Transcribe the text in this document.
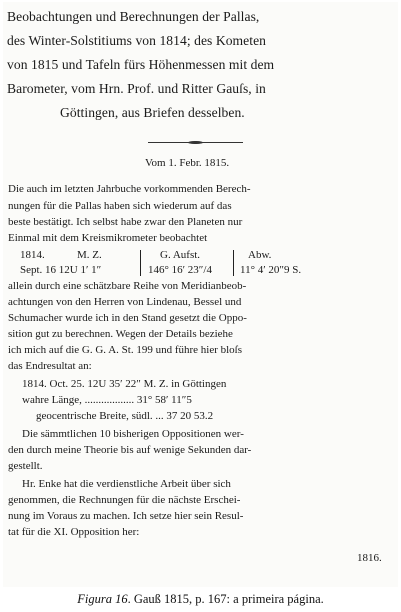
Beobachtungen und Berechnungen der Pallas,
des Winter-Solstitiums von 1814; des Kometen
von 1815 und Tafeln fürs Höhenmessen mit dem
Barometer, vom Hrn. Prof. und Ritter Gauſs, in
Göttingen, aus Briefen desselben.
Vom 1. Febr. 1815.
Die auch im letzten Jahrbuche vorkommenden Berech-
nungen für die Pallas haben sich wiederum auf das
beste bestätigt. Ich selbst habe zwar den Planeten nur
Einmal mit dem Kreismikrometer beobachtet
1814.	M. Z.	G. Aufst.	Abw.
Sept. 16 12U 1′ 1″	146° 16′ 23″/4	11° 4′ 20″9 S.
allein durch eine schätzbare Reihe von Meridianbeob-
achtungen von den Herren von Lindenau, Bessel und
Schumacher wurde ich in den Stand gesetzt die Oppo-
sition gut zu berechnen. Wegen der Details beziehe
ich mich auf die G. G. A. St. 199 und führe hier bloſs
das Endresultat an:
1814. Oct. 25. 12U 35′ 22″ M. Z. in Göttingen
wahre Länge, .................. 31° 58′ 11″5
geocentrische Breite, südl. ... 37 20 53.2
Die sämmtlichen 10 bisherigen Oppositionen wer-
den durch meine Theorie bis auf wenige Sekunden dar-
gestellt.
Hr. Enke hat die verdienstliche Arbeit über sich
genommen, die Rechnungen für die nächste Erschei-
nung im Voraus zu machen. Ich setze hier sein Resul-
tat für die XI. Opposition her:
1816.
Figura 16. Gauß 1815, p. 167: a primeira página.
